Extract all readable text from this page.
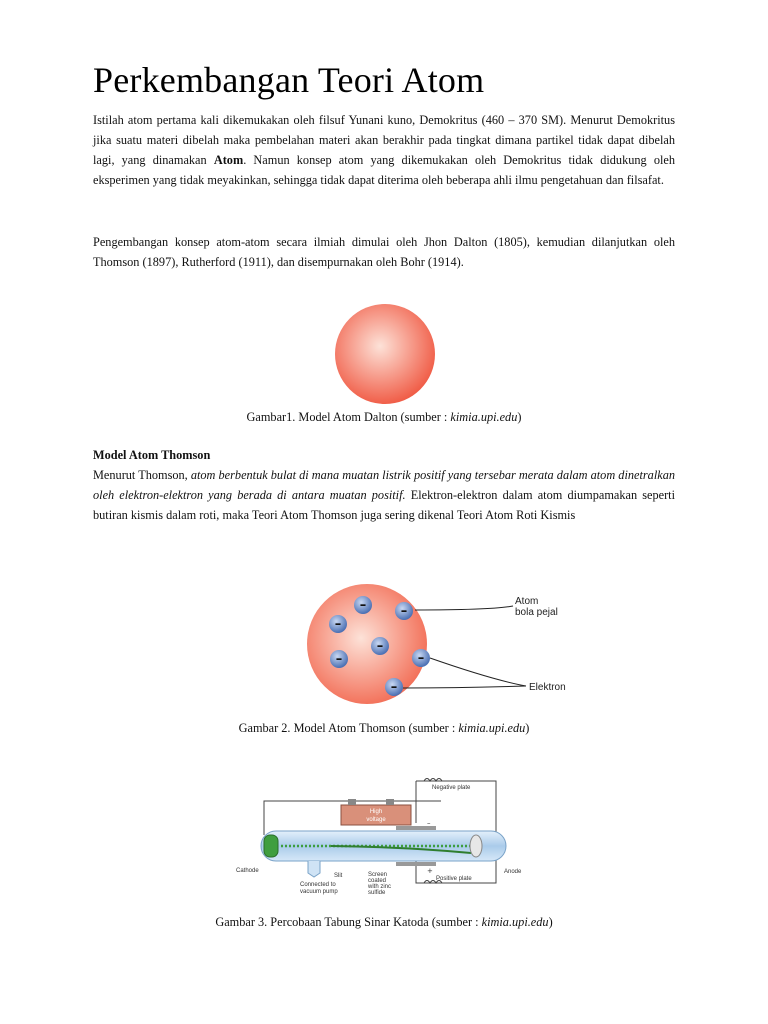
Perkembangan Teori Atom

Istilah atom pertama kali dikemukakan oleh filsuf Yunani kuno, Demokritus (460 – 370 SM). Menurut Demokritus jika suatu materi dibelah maka pembelahan materi akan berakhir pada tingkat dimana partikel tidak dapat dibelah lagi, yang dinamakan Atom. Namun konsep atom yang dikemukakan oleh Demokritus tidak didukung oleh eksperimen yang tidak meyakinkan, sehingga tidak dapat diterima oleh beberapa ahli ilmu pengetahuan dan filsafat.

Pengembangan konsep atom-atom secara ilmiah dimulai oleh Jhon Dalton (1805), kemudian dilanjutkan oleh Thomson (1897), Rutherford (1911), dan disempurnakan oleh Bohr (1914).

Gambar1. Model Atom Dalton (sumber : kimia.upi.edu)

Model Atom Thomson

Menurut Thomson, atom berbentuk bulat di mana muatan listrik positif yang tersebar merata dalam atom dinetralkan oleh elektron-elektron yang berada di antara muatan positif. Elektron-elektron dalam atom diumpamakan seperti butiran kismis dalam roti, maka Teori Atom Thomson juga sering dikenal Teori Atom Roti Kismis

–	–
–
–
–
–
–
Atom
bola pejal
Elektron
Gambar 2. Model Atom Thomson (sumber : kimia.upi.edu)
High
voltage
Negative plate
–
+
Cathode
Slit	Screen
coated
with zinc
sulfide
Anode
Positive plate
Connected to
vacuum pump
Gambar 3. Percobaan Tabung Sinar Katoda (sumber : kimia.upi.edu)
